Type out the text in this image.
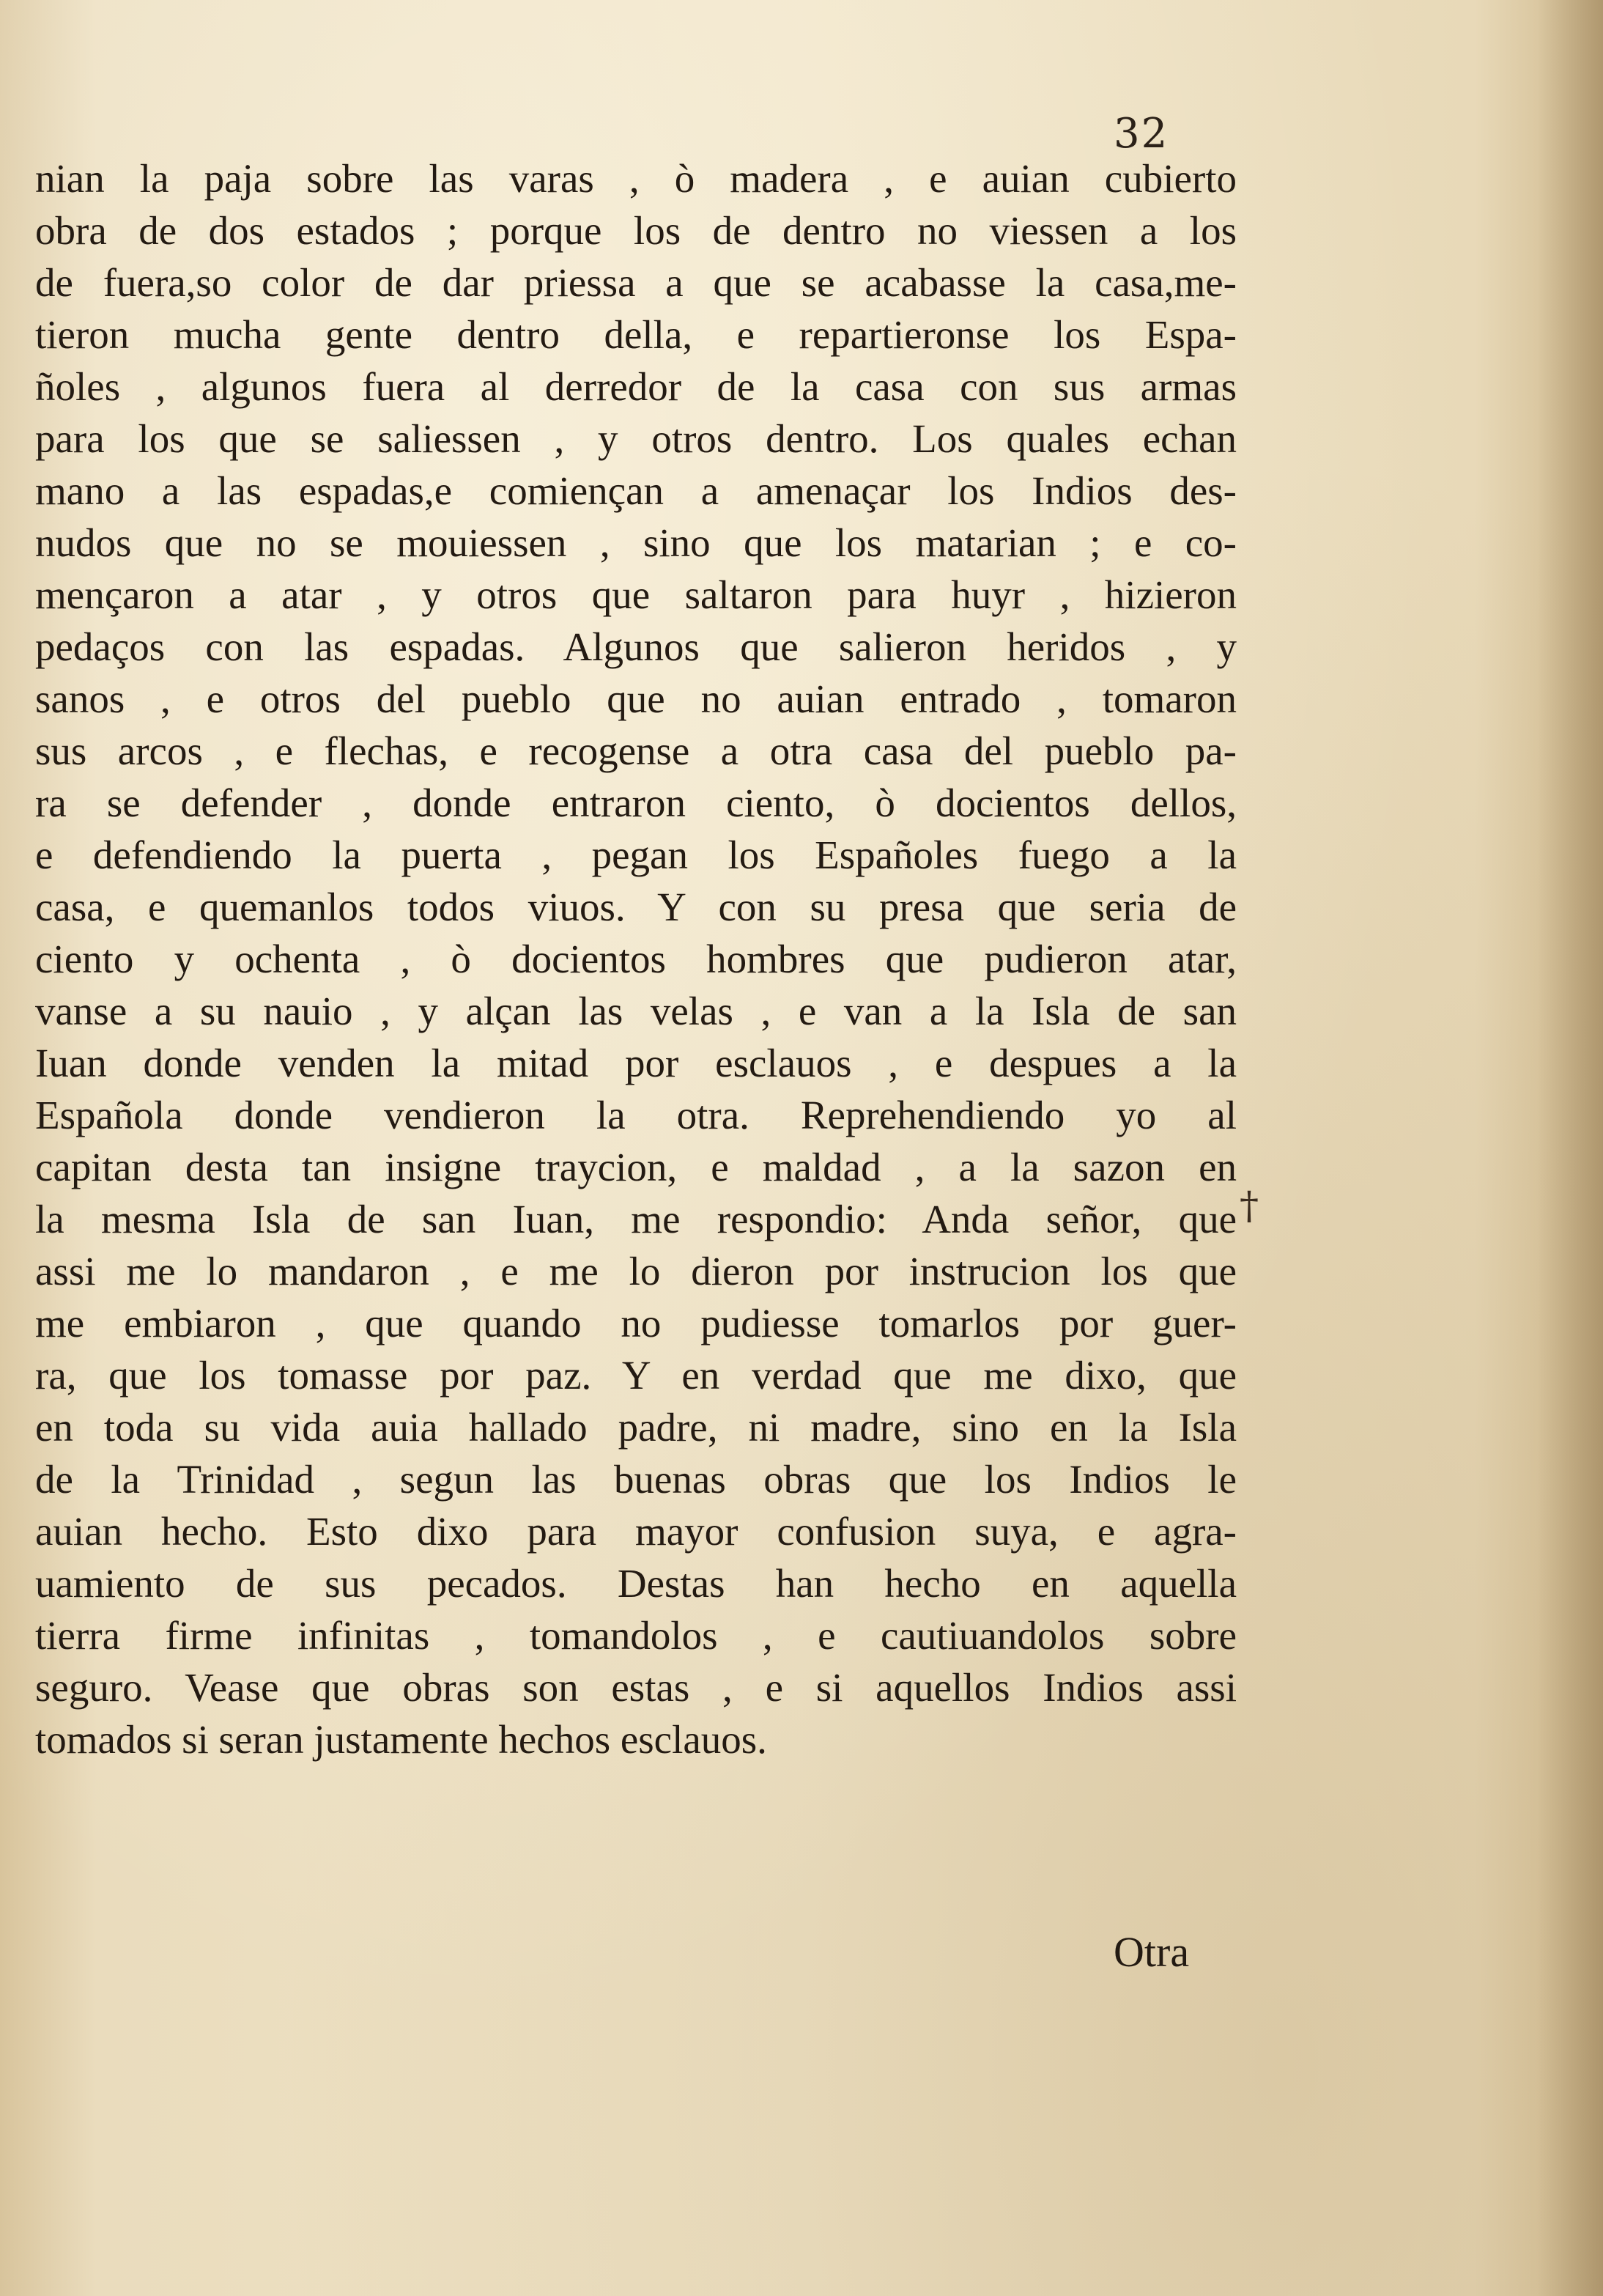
32
nian la paja sobre las varas , ò madera , e auian cubierto
obra de dos estados ; porque los de dentro no viessen a los
de fuera,so color de dar priessa a que se acabasse la casa,me-
tieron mucha gente dentro della, e repartieronse los Espa-
ñoles , algunos fuera al derredor de la casa con sus armas
para los que se saliessen , y otros dentro. Los quales echan
mano a las espadas,e comiençan a amenaçar los Indios des-
nudos que no se mouiessen , sino que los matarian ; e co-
mençaron a atar , y otros que saltaron para huyr , hizieron
pedaços con las espadas. Algunos que salieron heridos , y
sanos , e otros del pueblo que no auian entrado , tomaron
sus arcos , e flechas, e recogense a otra casa del pueblo pa-
ra se defender , donde entraron ciento, ò docientos dellos,
e defendiendo la puerta , pegan los Españoles fuego a la
casa, e quemanlos todos viuos. Y con su presa que seria de
ciento y ochenta , ò docientos hombres que pudieron atar,
vanse a su nauio , y alçan las velas , e van a la Isla de san
Iuan donde venden la mitad por esclauos , e despues a la
Española donde vendieron la otra. Reprehendiendo yo al
capitan desta tan insigne traycion, e maldad , a la sazon en
la mesma Isla de san Iuan, me respondio: Anda señor, que
assi me lo mandaron , e me lo dieron por instrucion los que
me embiaron , que quando no pudiesse tomarlos por guer-
ra, que los tomasse por paz. Y en verdad que me dixo, que
en toda su vida auia hallado padre, ni madre, sino en la Isla
de la Trinidad , segun las buenas obras que los Indios le
auian hecho. Esto dixo para mayor confusion suya, e agra-
uamiento de sus pecados. Destas han hecho en aquella
tierra firme infinitas , tomandolos , e cautiuandolos sobre
seguro. Vease que obras son estas , e si aquellos Indios assi
tomados si seran justamente hechos esclauos.
†
Otra
